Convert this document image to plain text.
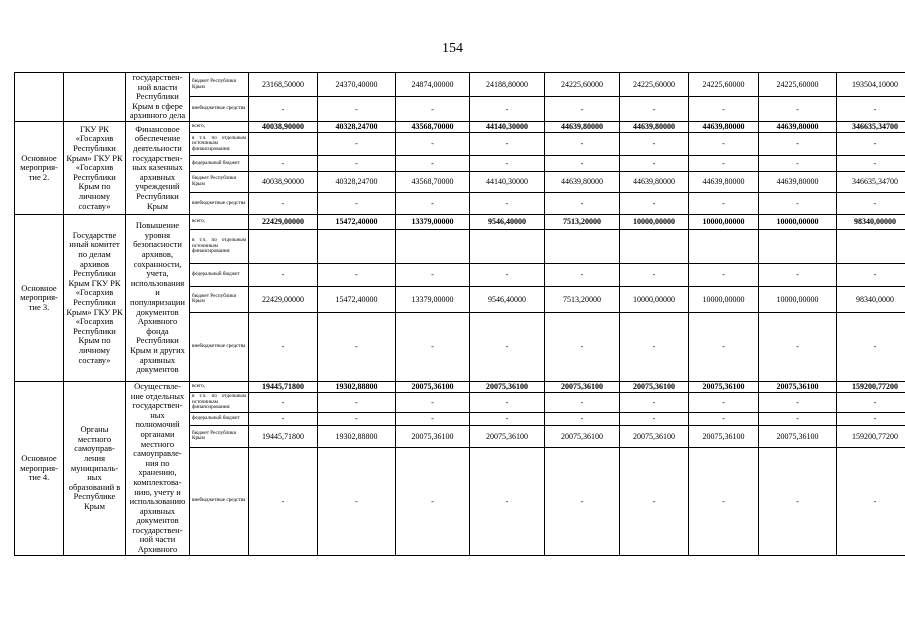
154
		государствен-ной власти Республики Крым в сфере архивного дела	бюджет Республики Крым	23168,50000	24370,40000	24874,00000	24188,80000	24225,60000	24225,60000	24225,60000	24225,60000	193504,10000
			внебюджетные средства	-	-	-	-	-	-	-	-	-
Основное мероприя-тие 2.	ГКУ РК «Госархив Республики Крым» ГКУ РК «Госархив Республики Крым по личному составу»	Финансовое обеспечение деятельности государствен-ных казенных архивных учреждений Республики Крым	всего,	40038,90000	40328,24700	43568,70000	44140,30000	44639,80000	44639,80000	44639,80000	44639,80000	346635,34700
			в т.ч. по отдельным источникам финансирования:		-	-	-	-	-	-	-	-
			федеральный бюджет	-	-	-	-	-	-	-	-	-
			бюджет Республики Крым	40038,90000	40328,24700	43568,70000	44140,30000	44639,80000	44639,80000	44639,80000	44639,80000	346635,34700
			внебюджетные средства	-	-	-	-	-	-	-	-	-
Основное мероприя-тие 3.	Государстве нный комитет по делам архивов Республики Крым ГКУ РК «Госархив Республики Крым» ГКУ РК «Госархив Республики Крым по личному составу»	Повышение уровня безопасности архивов, сохранности, учета, использования и популяризации документов Архивного фонда Республики Крым и других архивных документов	всего,	22429,00000	15472,40000	13379,00000	9546,40000	7513,20000	10000,00000	10000,00000	10000,00000	98340,00000
			в т.ч. по отдельным источникам финансирования:									
			федеральный бюджет	-	-	-	-	-	-	-	-	-
			бюджет Республики Крым	22429,00000	15472,40000	13379,00000	9546,40000	7513,20000	10000,00000	10000,00000	10000,00000	98340,0000
			внебюджетные средства	-	-	-	-	-	-	-	-	-
Основное мероприя-тие 4.	Органы местного самоуправ-ления муниципаль-ных образований в Республике Крым	Осуществле-ние отдельных государствен-ных полномочий органами местного самоуправле-ния по хранению, комплектова-нию, учету и использованию архивных документов государствен-ной части Архивного	всего,	19445,71800	19302,88800	20075,36100	20075,36100	20075,36100	20075,36100	20075,36100	20075,36100	159200,77200
			в т.ч. по отдельным источникам финансирования:	-	-	-	-	-	-	-	-	-
			федеральный бюджет	-	-	-	-	-	-	-	-	-
			бюджет Республики Крым	19445,71800	19302,88800	20075,36100	20075,36100	20075,36100	20075,36100	20075,36100	20075,36100	159200,77200
			внебюджетные средства	-	-	-	-	-	-	-	-	-
